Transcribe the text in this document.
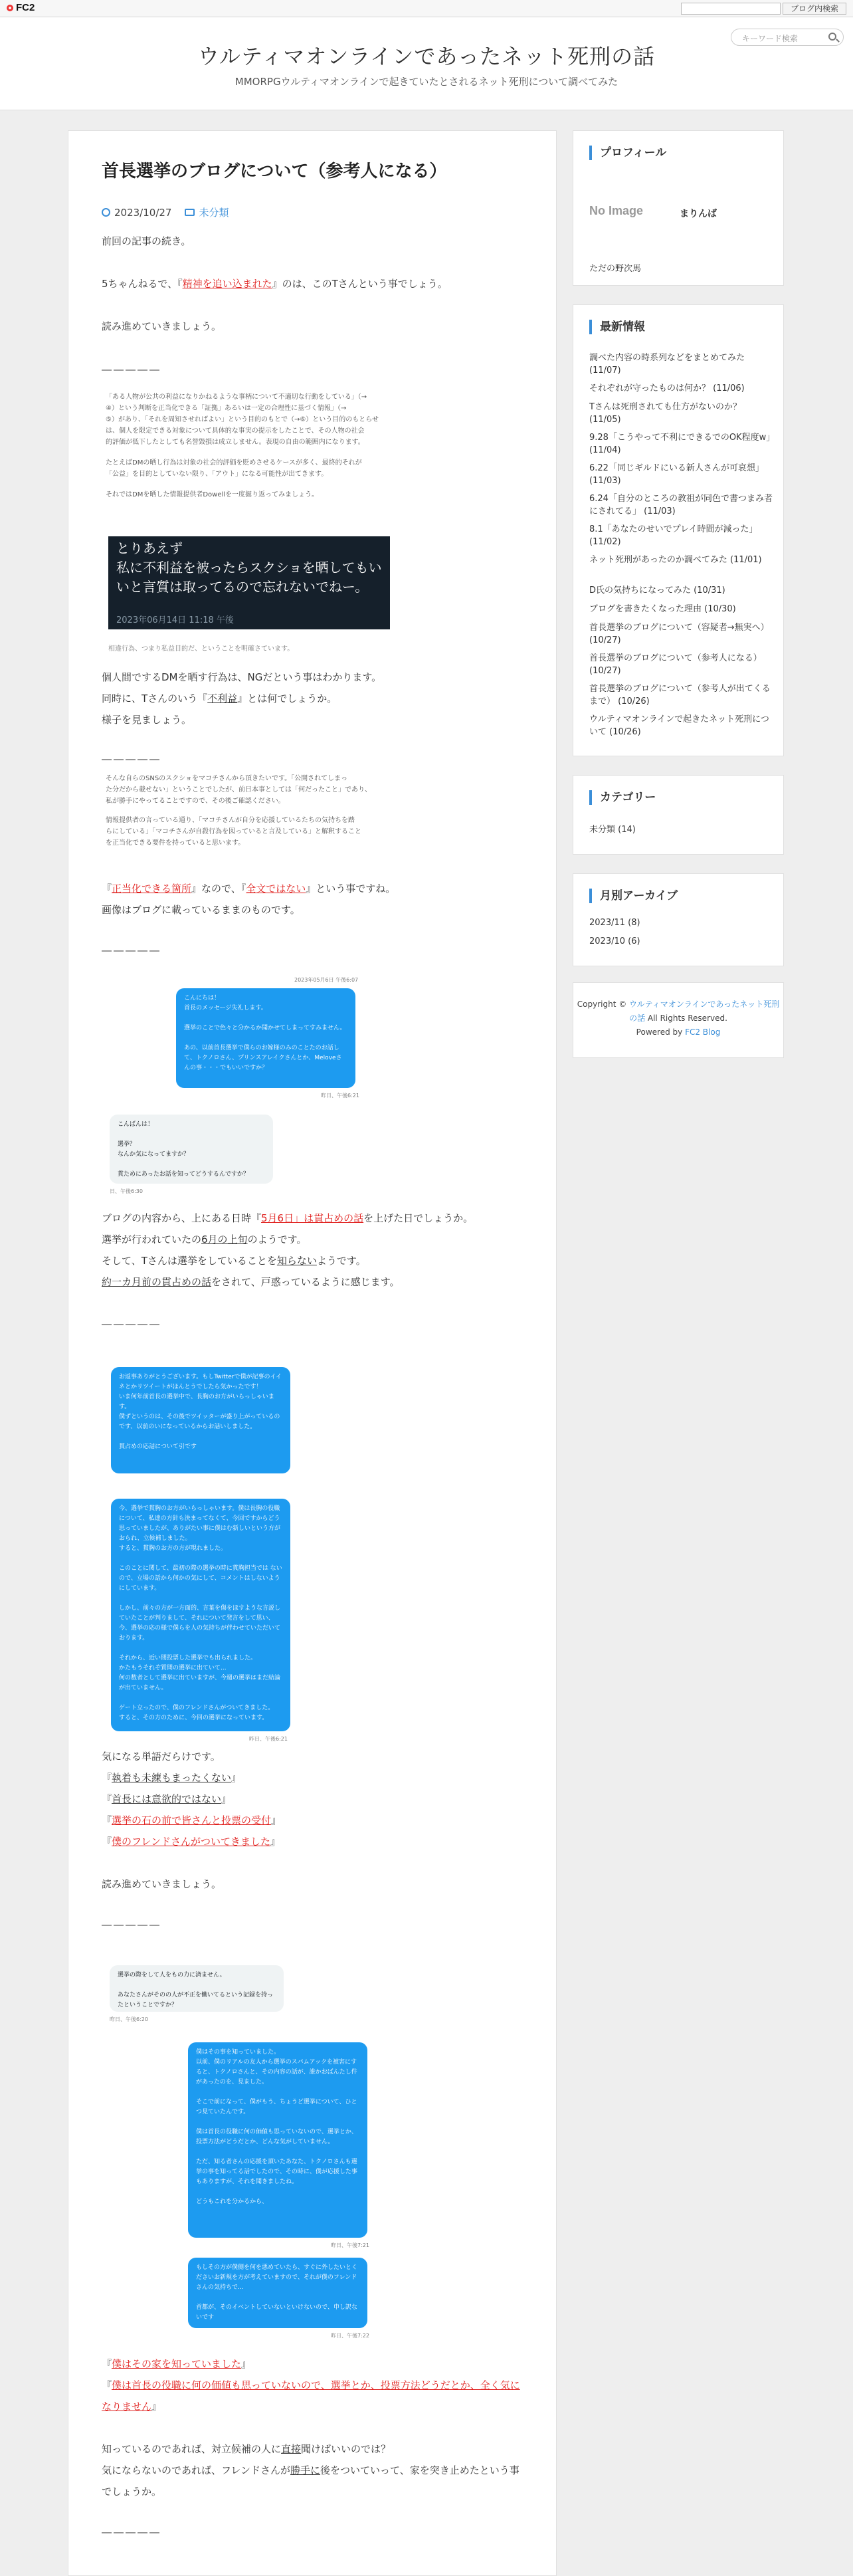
FC2	ブログ内検索
ウルティマオンラインであったネット死刑の話
MMORPGウルティマオンラインで起きていたとされるネット死刑について調べてみた
キーワード検索
首長選挙のブログについて（参考人になる）
2023/10/27	未分類
前回の記事の続き。
5ちゃんねるで、『精神を追い込まれた』のは、このTさんという事でしょう。
読み進めていきましょう。
―――――
「ある人物が公共の利益になりかねるような事柄について不適切な行動をしている」（→
④）という判断を正当化できる「証拠」あるいは一定の合理性に基づく情報」（→
⑤）があり、「それを周知させればよい」という目的のもとで（→⑥）という目的のもとらせ
は、個人を限定できる対象について具体的な事実の提示をしたことで、その人物の社会
的評価が低下したとしても名誉毀損は成立しません。表現の自由の範囲内になります。
たとえばDMの晒し行為は対象の社会的評価を貶めさせるケースが多く、最終的それが
「公益」を目的としていない限り、「アウト」になる可能性が出てきます。
それではDMを晒した情報提供者Dowellを一度掘り返ってみましょう。
とりあえず
私に不利益を被ったらスクショを晒してもいいと言質は取ってるので忘れないでねー。
2023年06月14日 11:18 午後
相違行為、つまり私益目的だ、ということを明確さています。
個人間でするDMを晒す行為は、NGだという事はわかります。
同時に、Tさんのいう『不利益』とは何でしょうか。
様子を見ましょう。
―――――
そんな自らのSNSのスクショをマコチさんから頂きたいです。「公開されてしまっ
た分だから載せない」ということでしたが、前日本事としては「何だったこと」であり、
私が勝手にやってることですので、その後ご確認ください。
情報提供者の言っている通り、「マコチさんが自分を応援しているたちの気持ちを踏
らにしている」「マコチさんが自殺行為を図っていると言及している」と解釈すること
を正当化できる要件を持っていると思います。
『正当化できる箇所』なので、『全文ではない』という事ですね。
画像はブログに載っているままのものです。
―――――
2023年05月6日 午後6:07
こんにちは！
首長のメッセージ失礼します。

選挙のことで色々と分かるか聞かせてしまってすみません。

あの、以前首長選挙で僕らのお嫁様のみのことたのお話して、トクノロさん、プリンスアレイクさんとか、Meloveさんの事・・・でもいいですか？
昨日、午後6:21
こんばんは！

選挙？
なんか気になってますか？

貫ためにあったお話を知ってどうするんですか？
日、午後6:30
ブログの内容から、上にある日時『5月6日」は貫占めの話を上げた日でしょうか。
選挙が行われていたの6月の上旬のようです。
そして、Tさんは選挙をしていることを知らないようです。
約一カ月前の貫占めの話をされて、戸惑っているように感じます。
―――――
お返事ありがとうございます。もしTwitterで僕が記事のイイネとかリツイートがほんとうでしたら気かったです！
いま何年前首長の選挙中で、長胸のお方がいらっしゃいます。
僕ずというのは、その後でツイッターが盛り上がっているのです、以前のいになっているからお話いしました。

貫占めの応詰について引です
今、選挙で貫胸のお方がいらっしゃいます。僕は長胸の役職について、私達の方針も決まってなくて、今回ですからどう思っていましたが、ありがたい事に僕はむ新しいという方がおられ、立候補しました。
すると、貫胸のお方の方が現れました。

このことに関して、最初の際の選挙の時に貫胸担当では ないので、立場の話から何かの気にして、コメントはしないようにしています。

しかし、前々の方が一方面的、言葉を傷をほすような言説していたことが判りまして、それについて発言をして思い、今、選挙の応の様で僕らを人の気持ちが伴わせていただいております。

それから、近い間投票した選挙でも出られました。
かたもうそれぞ質問の選挙に出ていて...
何の数者として選挙に出ていますが、今週の選挙はまだ結論が出ていません。

ゲート立ったので、僕のフレンドさんがついてきました。
すると、その方のために、今回の選挙になっています。

その後が、プリンスアレイクさんの件でした	昨日、午後6:21
気になる単語だらけです。
『執着も未練もまったくない』
『首長には意欲的ではない』
『選挙の石の前で皆さんと投票の受付』
『僕のフレンドさんがついてきました』
読み進めていきましょう。
―――――
選挙の際をして人をもの力に済ません。

あなたさんがそのの人が不正を働いてるという記録を持ったということですか？
昨日、午後6:20
僕はその事を知っていました。
以前、僕のリアルの友人から選挙のスパムアックを被害にすると、トクノロさんと、その内容の話が、誰かおばんたし件があったのを、見ました。

そこで前になって、僕がもう、ちょうど選挙について、ひとつ見ていたんです。

僕は首長の役職に何の価値も思っていないので、選挙とか、投票方法がどうだとか、どんな気がしていません。

ただ、知る者さんの応援を頂いたあなた、トクノロさんも選挙の事を知ってる話でしたので、その時に、僕が応援した事もありますが、それを聞きましたね。

どうもこれを分かるから、
昨日、午後7:21
もしその方が僕側を何を悪めていたら、すぐに外したいとくださいお新規を方が考えていますので、それが僕のフレンドさんの気持ちで...

首都が、そのイベントしていないといけないので、申し訳ないです
昨日、午後7:22
『僕はその家を知っていました』
『僕は首長の役職に何の価値も思っていないので、選挙とか、投票方法どうだとか、全く気になりません』
知っているのであれば、対立候補の人に直接聞けばいいのでは？
気にならないのであれば、フレンドさんが勝手に後をついていって、家を突き止めたという事でしょうか。
―――――
プロフィール
No Image	まりんば
ただの野次馬
最新情報
調べた内容の時系列などをまとめてみた (11/07)
それぞれが守ったものは何か？ (11/06)
Tさんは死刑されても仕方がないのか？ (11/05)
9.28「こうやって不利にできるでのOK程度w」 (11/04)
6.22「同じギルドにいる新人さんが可哀想」 (11/03)
6.24「自分のところの教祖が同色で書つまみ者にされてる」 (11/03)
8.1「あなたのせいでプレイ時間が減った」 (11/02)
ネット死刑があったのか調べてみた (11/01)
D氏の気持ちになってみた (10/31)
ブログを書きたくなった理由 (10/30)
首長選挙のブログについて（容疑者→無実へ） (10/27)
首長選挙のブログについて（参考人になる） (10/27)
首長選挙のブログについて（参考人が出てくるまで） (10/26)
ウルティマオンラインで起きたネット死刑について (10/26)
カテゴリー
未分類 (14)
月別アーカイブ
2023/11 (8)
2023/10 (6)
Copyright © ウルティマオンラインであったネット死刑の話 All Rights Reserved.
Powered by FC2 Blog
